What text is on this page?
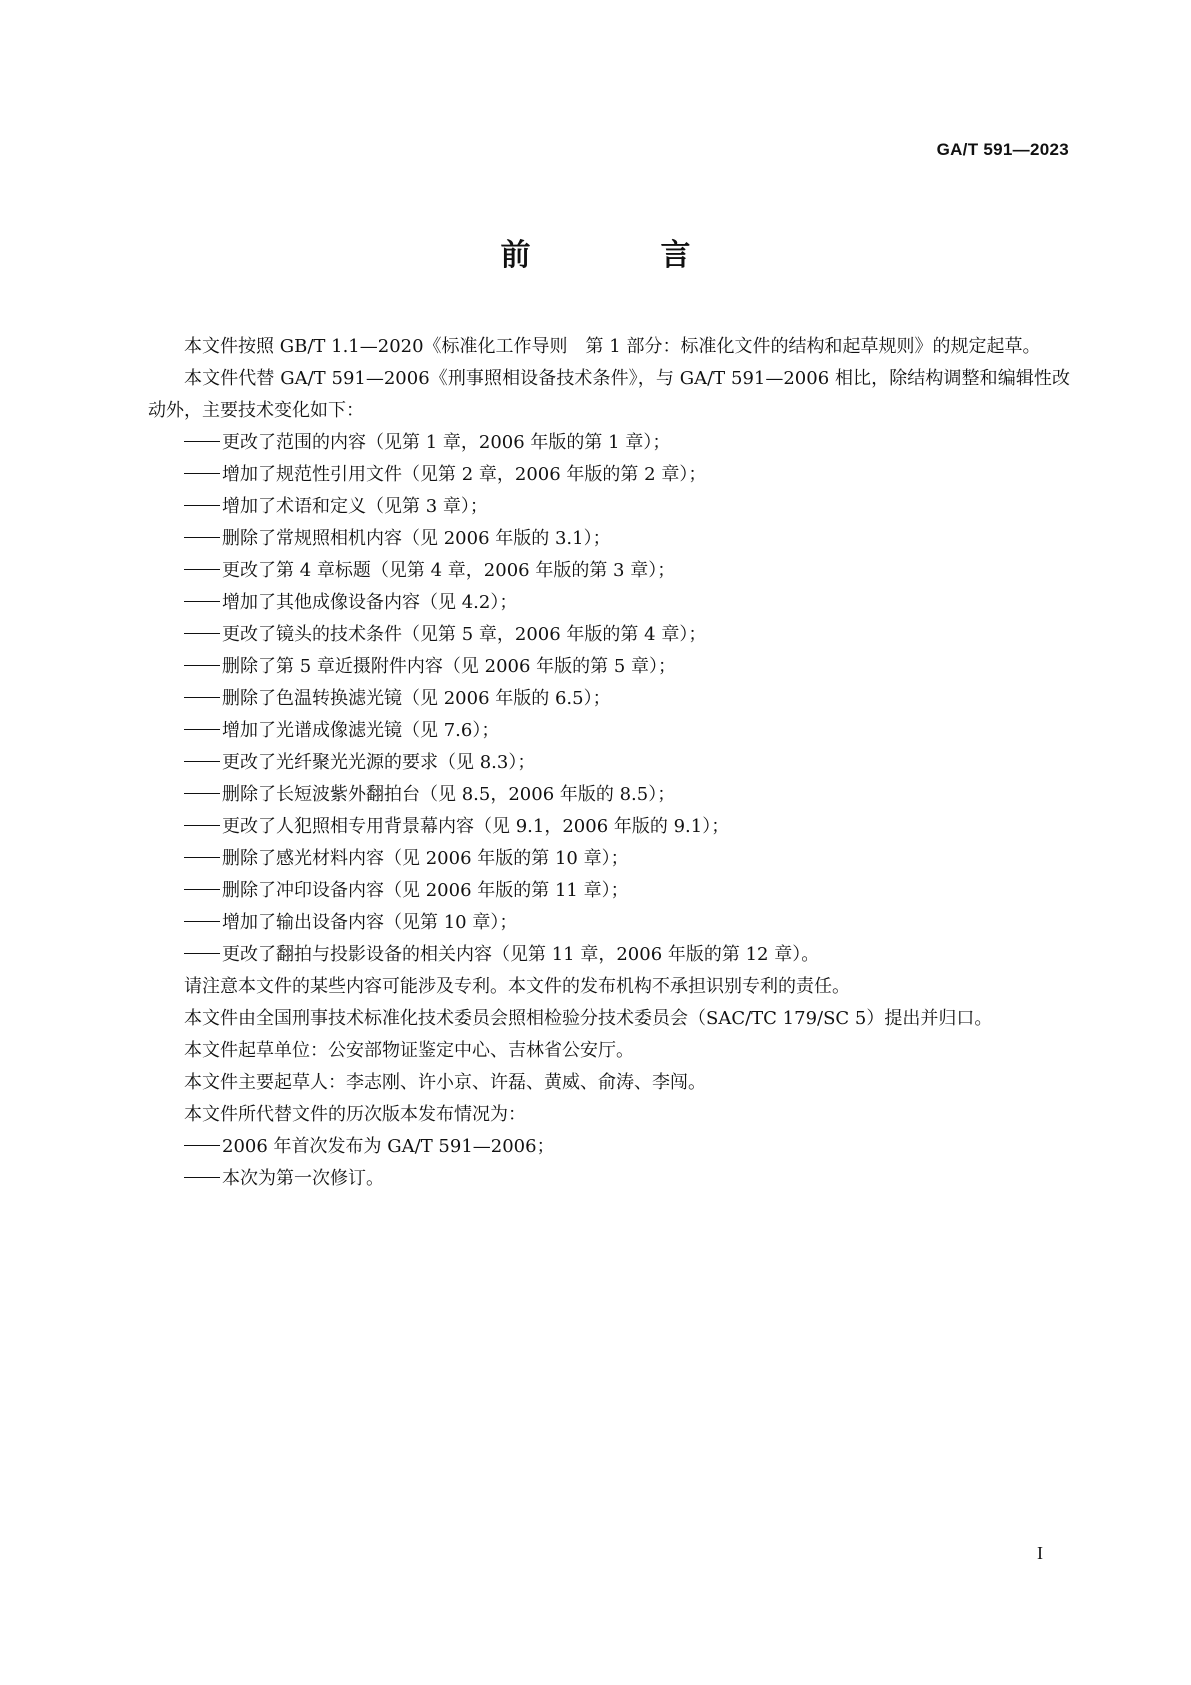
GA/T 591—2023
前　言

本文件按照 GB/T 1.1—2020《标准化工作导则　第 1 部分：标准化文件的结构和起草规则》的规定起草。

本文件代替 GA/T 591—2006《刑事照相设备技术条件》，与 GA/T 591—2006 相比，除结构调整和编辑性改动外，主要技术变化如下：

更改了范围的内容（见第 1 章，2006 年版的第 1 章）；
增加了规范性引用文件（见第 2 章，2006 年版的第 2 章）；
增加了术语和定义（见第 3 章）；
删除了常规照相机内容（见 2006 年版的 3.1）；
更改了第 4 章标题（见第 4 章，2006 年版的第 3 章）；
增加了其他成像设备内容（见 4.2）；
更改了镜头的技术条件（见第 5 章，2006 年版的第 4 章）；
删除了第 5 章近摄附件内容（见 2006 年版的第 5 章）；
删除了色温转换滤光镜（见 2006 年版的 6.5）；
增加了光谱成像滤光镜（见 7.6）；
更改了光纤聚光光源的要求（见 8.3）；
删除了长短波紫外翻拍台（见 8.5，2006 年版的 8.5）；
更改了人犯照相专用背景幕内容（见 9.1，2006 年版的 9.1）；
删除了感光材料内容（见 2006 年版的第 10 章）；
删除了冲印设备内容（见 2006 年版的第 11 章）；
增加了输出设备内容（见第 10 章）；
更改了翻拍与投影设备的相关内容（见第 11 章，2006 年版的第 12 章）。

请注意本文件的某些内容可能涉及专利。本文件的发布机构不承担识别专利的责任。

本文件由全国刑事技术标准化技术委员会照相检验分技术委员会（SAC/TC 179/SC 5）提出并归口。

本文件起草单位：公安部物证鉴定中心、吉林省公安厅。

本文件主要起草人：李志刚、许小京、许磊、黄威、俞涛、李闯。

本文件所代替文件的历次版本发布情况为：

2006 年首次发布为 GA/T 591—2006；
本次为第一次修订。
I
